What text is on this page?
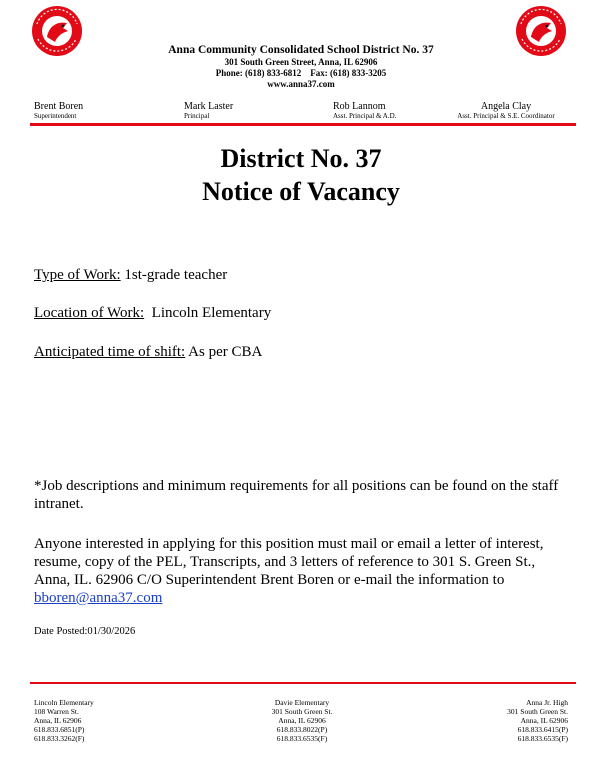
Anna Community Consolidated School District No. 37
301 South Green Street, Anna, IL 62906
Phone: (618) 833-6812 Fax: (618) 833-3205
www.anna37.com
Brent Boren
Superintendent
Mark Laster
Principal
Rob Lannom
Asst. Principal & A.D.
Angela Clay
Asst. Principal & S.E. Coordinator
District No. 37
Notice of Vacancy
Type of Work: 1st-grade teacher
Location of Work: Lincoln Elementary
Anticipated time of shift: As per CBA
*Job descriptions and minimum requirements for all positions can be found on the staff intranet.
Anyone interested in applying for this position must mail or email a letter of interest, resume, copy of the PEL, Transcripts, and 3 letters of reference to 301 S. Green St., Anna, IL. 62906 C/O Superintendent Brent Boren or e-mail the information to bboren@anna37.com
Date Posted:01/30/2026
Lincoln Elementary
108 Warren St.
Anna, IL 62906
618.833.6851(P)
618.833.3262(F)
Davie Elementary
301 South Green St.
Anna, IL 62906
618.833.8022(P)
618.833.6535(F)
Anna Jr. High
301 South Green St.
Anna, IL 62906
618.833.6415(P)
618.833.6535(F)
